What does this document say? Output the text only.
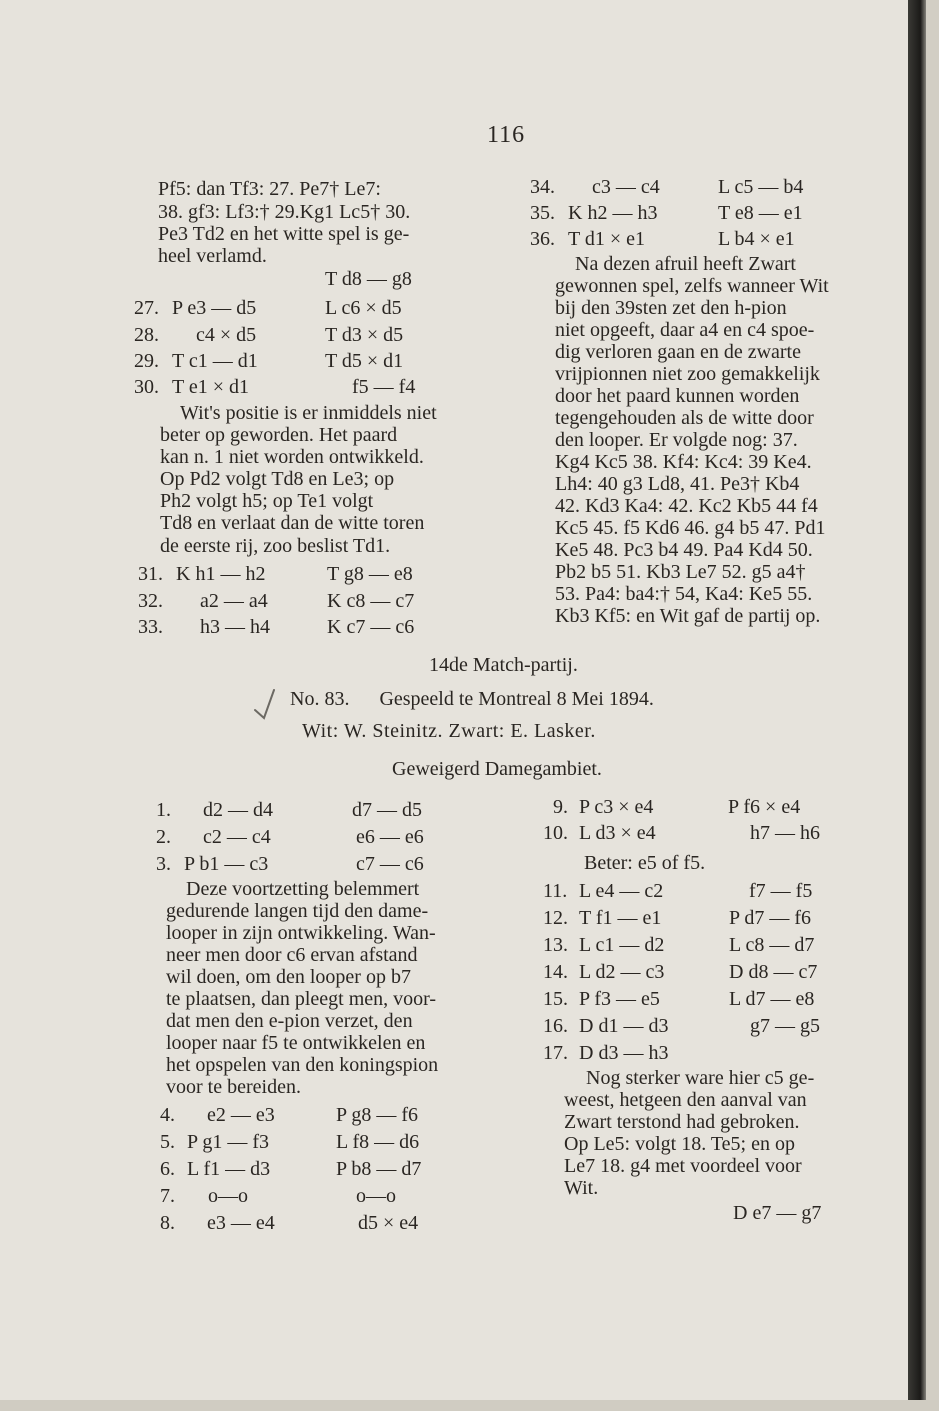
116
Pf5: dan Tf3: 27. Pe7† Le7:
38. gf3: Lf3:† 29.Kg1 Lc5† 30.
Pe3 Td2 en het witte spel is ge-
heel verlamd.
T d8 — g8
27. P e3 — d5	L c6 × d5
28. c4 × d5	T d3 × d5
29. T c1 — d1	T d5 × d1
30. T e1 × d1	f5 — f4
Wit's positie is er inmiddels niet
beter op geworden. Het paard
kan n. 1 niet worden ontwikkeld.
Op Pd2 volgt Td8 en Le3; op
Ph2 volgt h5; op Te1 volgt
Td8 en verlaat dan de witte toren
de eerste rij, zoo beslist Td1.
31. K h1 — h2	T g8 — e8
32. a2 — a4	K c8 — c7
33. h3 — h4	K c7 — c6
34. c3 — c4	L c5 — b4
35. K h2 — h3	T e8 — e1
36. T d1 × e1	L b4 × e1
Na dezen afruil heeft Zwart
gewonnen spel, zelfs wanneer Wit
bij den 39sten zet den h-pion
niet opgeeft, daar a4 en c4 spoe-
dig verloren gaan en de zwarte
vrijpionnen niet zoo gemakkelijk
door het paard kunnen worden
tegengehouden als de witte door
den looper. Er volgde nog: 37.
Kg4 Kc5 38. Kf4: Kc4: 39 Ke4.
Lh4: 40 g3 Ld8, 41. Pe3† Kb4
42. Kd3 Ka4: 42. Kc2 Kb5 44 f4
Kc5 45. f5 Kd6 46. g4 b5 47. Pd1
Ke5 48. Pc3 b4 49. Pa4 Kd4 50.
Pb2 b5 51. Kb3 Le7 52. g5 a4†
53. Pa4: ba4:† 54, Ka4: Ke5 55.
Kb3 Kf5: en Wit gaf de partij op.
14de Match-partij.
No. 83.      Gespeeld te Montreal 8 Mei 1894.
Wit: W. Steinitz. Zwart: E. Lasker.
Geweigerd Damegambiet.
1. d2 — d4	d7 — d5
2. c2 — c4	e6 — e6
3. P b1 — c3	c7 — c6
Deze voortzetting belemmert
gedurende langen tijd den dame-
looper in zijn ontwikkeling. Wan-
neer men door c6 ervan afstand
wil doen, om den looper op b7
te plaatsen, dan pleegt men, voor-
dat men den e-pion verzet, den
looper naar f5 te ontwikkelen en
het opspelen van den koningspion
voor te bereiden.
4. e2 — e3	P g8 — f6
5. P g1 — f3	L f8 — d6
6. L f1 — d3	P b8 — d7
7. o—o	o—o
8. e3 — e4	d5 × e4
9. P c3 × e4	P f6 × e4
10. L d3 × e4	h7 — h6
Beter: e5 of f5.
11. L e4 — c2	f7 — f5
12. T f1 — e1	P d7 — f6
13. L c1 — d2	L c8 — d7
14. L d2 — c3	D d8 — c7
15. P f3 — e5	L d7 — e8
16. D d1 — d3	g7 — g5
17. D d3 — h3
Nog sterker ware hier c5 ge-
weest, hetgeen den aanval van
Zwart terstond had gebroken.
Op Le5: volgt 18. Te5; en op
Le7 18. g4 met voordeel voor
Wit.
D e7 — g7
